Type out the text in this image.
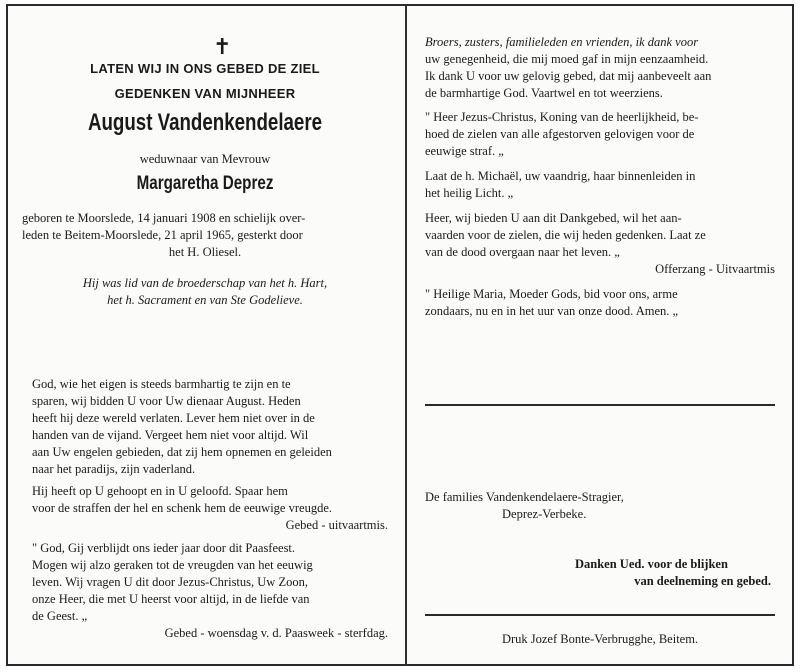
✝
LATEN WIJ IN ONS GEBED DE ZIEL
GEDENKEN VAN MIJNHEER
August Vandenkendelaere
weduwnaar van Mevrouw
Margaretha Deprez
geboren te Moorslede, 14 januari 1908 en schielijk over-
leden te Beitem-Moorslede, 21 april 1965, gesterkt door
het H. Oliesel.
Hij was lid van de broederschap van het h. Hart,
het h. Sacrament en van Ste Godelieve.
God, wie het eigen is steeds barmhartig te zijn en te
sparen, wij bidden U voor Uw dienaar August. Heden
heeft hij deze wereld verlaten. Lever hem niet over in de
handen van de vijand. Vergeet hem niet voor altijd. Wil
aan Uw engelen gebieden, dat zij hem opnemen en geleiden
naar het paradijs, zijn vaderland.
Hij heeft op U gehoopt en in U geloofd. Spaar hem
voor de straffen der hel en schenk hem de eeuwige vreugde.
Gebed - uitvaartmis.
" God, Gij verblijdt ons ieder jaar door dit Paasfeest.
Mogen wij alzo geraken tot de vreugden van het eeuwig
leven. Wij vragen U dit door Jezus-Christus, Uw Zoon,
onze Heer, die met U heerst voor altijd, in de liefde van
de Geest. „
Gebed - woensdag v. d. Paasweek - sterfdag.
Broers, zusters, familieleden en vrienden, ik dank voor
uw genegenheid, die mij moed gaf in mijn eenzaamheid.
Ik dank U voor uw gelovig gebed, dat mij aanbeveelt aan
de barmhartige God. Vaartwel en tot weerziens.
" Heer Jezus-Christus, Koning van de heerlijkheid, be-
hoed de zielen van alle afgestorven gelovigen voor de
eeuwige straf. „
Laat de h. Michaël, uw vaandrig, haar binnenleiden in
het heilig Licht. „
Heer, wij bieden U aan dit Dankgebed, wil het aan-
vaarden voor de zielen, die wij heden gedenken. Laat ze
van de dood overgaan naar het leven. „
Offerzang - Uitvaartmis
" Heilige Maria, Moeder Gods, bid voor ons, arme
zondaars, nu en in het uur van onze dood. Amen. „
De families Vandenkendelaere-Stragier,
Deprez-Verbeke.
Danken Ued. voor de blijken
van deelneming en gebed.
Druk Jozef Bonte-Verbrugghe, Beitem.
